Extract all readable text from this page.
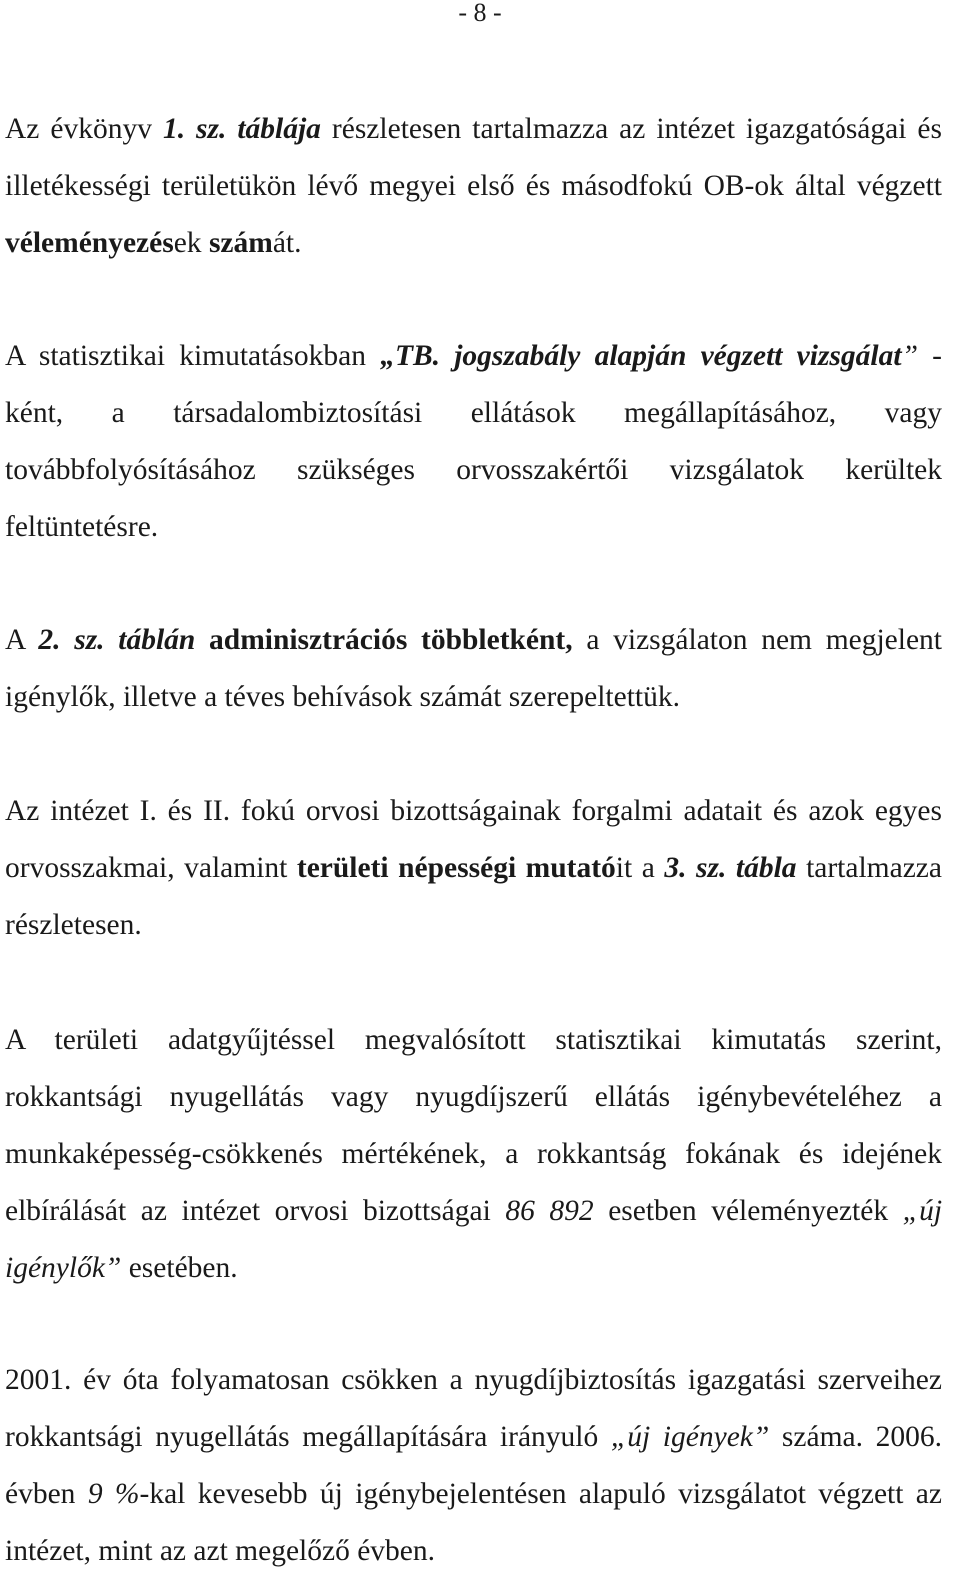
- 8 -

Az évkönyv 1. sz. táblája részletesen tartalmazza az intézet igazgatóságai és illetékességi területükön lévő megyei első és másodfokú OB-ok által végzett véleményezések számát.

A statisztikai kimutatásokban „TB. jogszabály alapján végzett vizsgálat” -ként, a társadalombiztosítási ellátások megállapításához, vagy továbbfolyósításához szükséges orvosszakértői vizsgálatok kerültek feltüntetésre.

A 2. sz. táblán adminisztrációs többletként, a vizsgálaton nem megjelent igénylők, illetve a téves behívások számát szerepeltettük.

Az intézet I. és II. fokú orvosi bizottságainak forgalmi adatait és azok egyes orvosszakmai, valamint területi népességi mutatóit a 3. sz. tábla tartalmazza részletesen.

A területi adatgyűjtéssel megvalósított statisztikai kimutatás szerint, rokkantsági nyugellátás vagy nyugdíjszerű ellátás igénybevételéhez a munkaképesség-csökkenés mértékének, a rokkantság fokának és idejének elbírálását az intézet orvosi bizottságai 86 892 esetben véleményezték „új igénylők” esetében.

2001. év óta folyamatosan csökken a nyugdíjbiztosítás igazgatási szerveihez rokkantsági nyugellátás megállapítására irányuló „új igények” száma. 2006. évben 9 %-kal kevesebb új igénybejelentésen alapuló vizsgálatot végzett az intézet, mint az azt megelőző évben.
